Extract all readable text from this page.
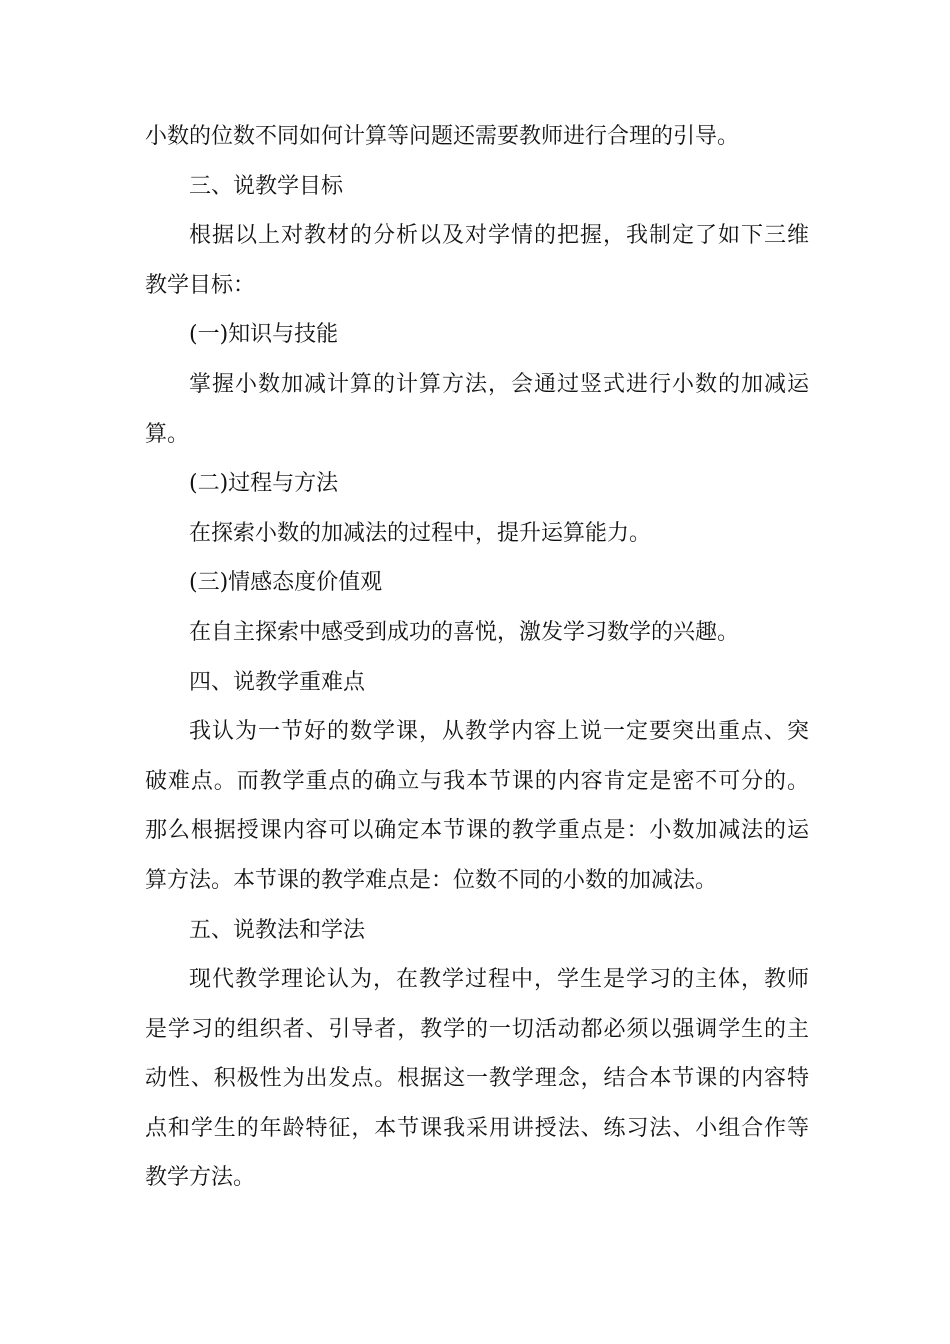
小数的位数不同如何计算等问题还需要教师进行合理的引导。
三、说教学目标
根据以上对教材的分析以及对学情的把握，我制定了如下三维
教学目标：
(一)知识与技能
掌握小数加减计算的计算方法，会通过竖式进行小数的加减运
算。
(二)过程与方法
在探索小数的加减法的过程中，提升运算能力。
(三)情感态度价值观
在自主探索中感受到成功的喜悦，激发学习数学的兴趣。
四、说教学重难点
我认为一节好的数学课，从教学内容上说一定要突出重点、突
破难点。而教学重点的确立与我本节课的内容肯定是密不可分的。
那么根据授课内容可以确定本节课的教学重点是：小数加减法的运
算方法。本节课的教学难点是：位数不同的小数的加减法。
五、说教法和学法
现代教学理论认为，在教学过程中，学生是学习的主体，教师
是学习的组织者、引导者，教学的一切活动都必须以强调学生的主
动性、积极性为出发点。根据这一教学理念，结合本节课的内容特
点和学生的年龄特征，本节课我采用讲授法、练习法、小组合作等
教学方法。
